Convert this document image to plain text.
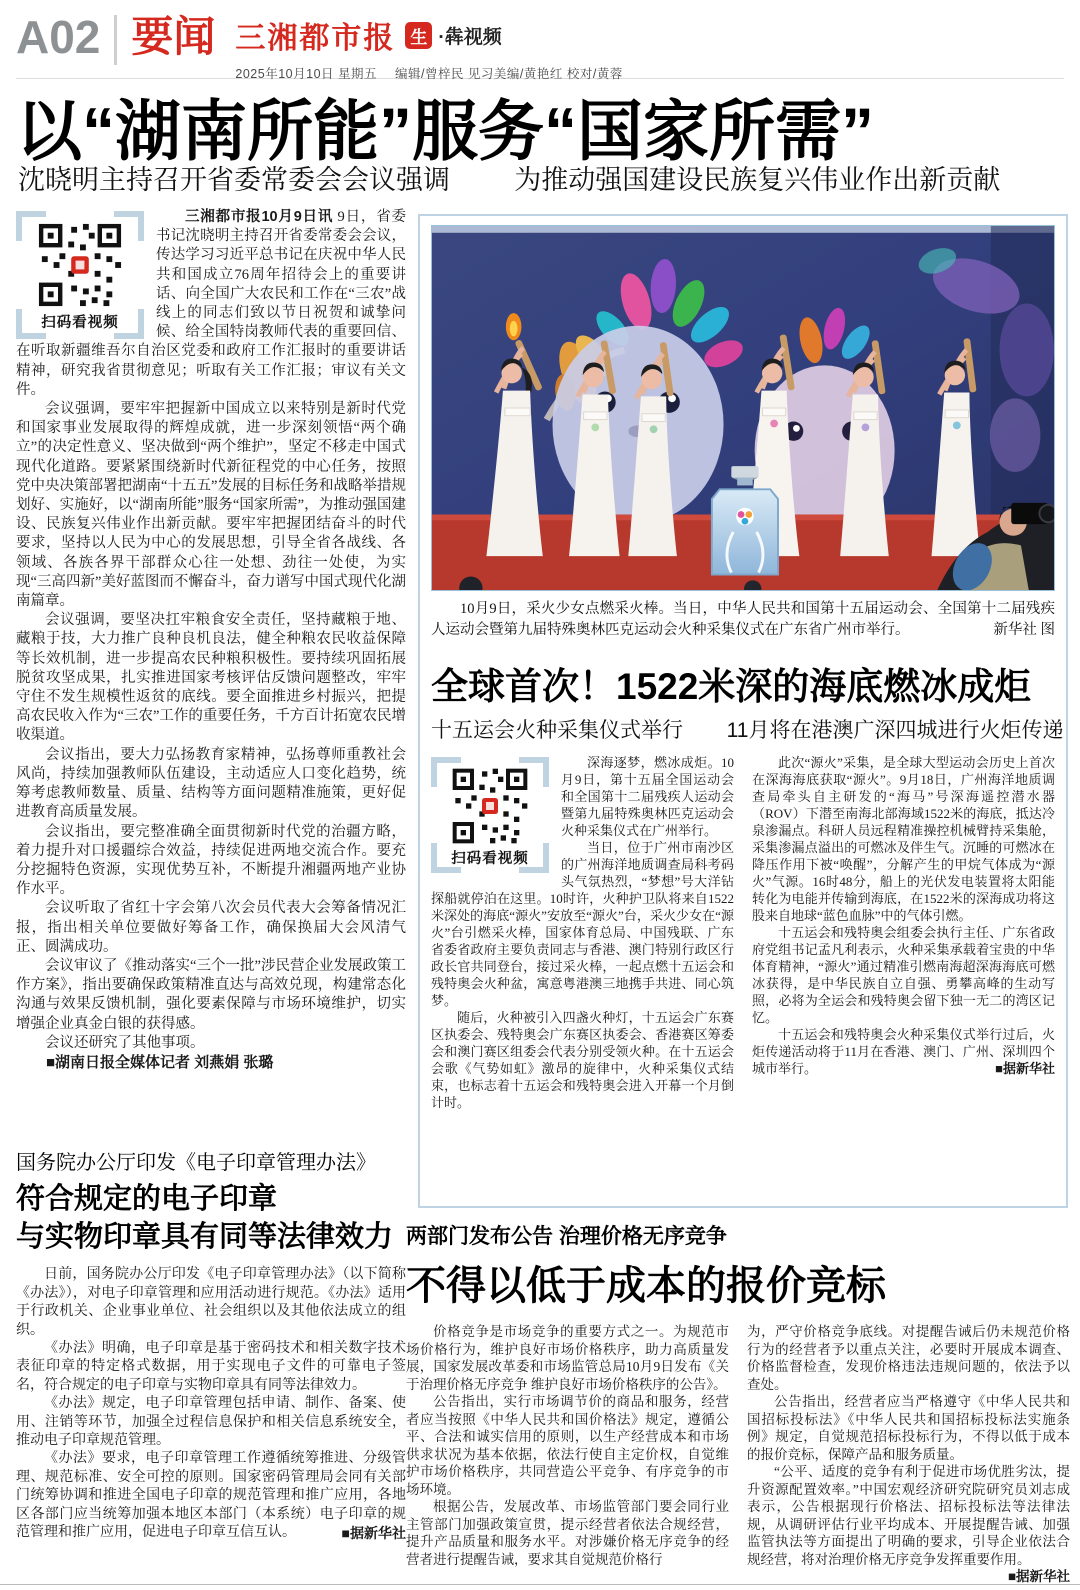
A02 要闻 三湘都市报 生 ·犇视频
2025年10月10日 星期五 编辑/曾梓民 见习美编/黄艳红 校对/黄蓉
以“湖南所能”服务“国家所需”
沈晓明主持召开省委常委会会议强调 为推动强国建设民族复兴伟业作出新贡献
扫码看视频

三湘都市报10月9日讯 9日，省委书记沈晓明主持召开省委常委会会议，传达学习习近平总书记在庆祝中华人民共和国成立76周年招待会上的重要讲话、向全国广大农民和工作在“三农”战线上的同志们致以节日祝贺和诚挚问候、给全国特岗教师代表的重要回信、在听取新疆维吾尔自治区党委和政府工作汇报时的重要讲话精神，研究我省贯彻意见；听取有关工作汇报；审议有关文件。

会议强调，要牢牢把握新中国成立以来特别是新时代党和国家事业发展取得的辉煌成就，进一步深刻领悟“两个确立”的决定性意义、坚决做到“两个维护”，坚定不移走中国式现代化道路。要紧紧围绕新时代新征程党的中心任务，按照党中央决策部署把湖南“十五五”发展的目标任务和战略举措规划好、实施好，以“湖南所能”服务“国家所需”，为推动强国建设、民族复兴伟业作出新贡献。要牢牢把握团结奋斗的时代要求，坚持以人民为中心的发展思想，引导全省各战线、各领域、各族各界干部群众心往一处想、劲往一处使，为实现“三高四新”美好蓝图而不懈奋斗，奋力谱写中国式现代化湖南篇章。

会议强调，要坚决扛牢粮食安全责任，坚持藏粮于地、藏粮于技，大力推广良种良机良法，健全种粮农民收益保障等长效机制，进一步提高农民种粮积极性。要持续巩固拓展脱贫攻坚成果，扎实推进国家考核评估反馈问题整改，牢牢守住不发生规模性返贫的底线。要全面推进乡村振兴，把提高农民收入作为“三农”工作的重要任务，千方百计拓宽农民增收渠道。

会议指出，要大力弘扬教育家精神，弘扬尊师重教社会风尚，持续加强教师队伍建设，主动适应人口变化趋势，统筹考虑教师数量、质量、结构等方面问题精准施策，更好促进教育高质量发展。

会议指出，要完整准确全面贯彻新时代党的治疆方略，着力提升对口援疆综合效益，持续促进两地交流合作。要充分挖掘特色资源，实现优势互补，不断提升湘疆两地产业协作水平。

会议听取了省红十字会第八次会员代表大会筹备情况汇报，指出相关单位要做好筹备工作，确保换届大会风清气正、圆满成功。

会议审议了《推动落实“三个一批”涉民营企业发展政策工作方案》，指出要确保政策精准直达与高效兑现，构建常态化沟通与效果反馈机制，强化要素保障与市场环境维护，切实增强企业真金白银的获得感。

会议还研究了其他事项。

■湖南日报全媒体记者 刘燕娟 张璐

国务院办公厅印发《电子印章管理办法》

符合规定的电子印章
与实物印章具有同等法律效力

日前，国务院办公厅印发《电子印章管理办法》（以下简称《办法》），对电子印章管理和应用活动进行规范。《办法》适用于行政机关、企业事业单位、社会组织以及其他依法成立的组织。

《办法》明确，电子印章是基于密码技术和相关数字技术表征印章的特定格式数据，用于实现电子文件的可靠电子签名，符合规定的电子印章与实物印章具有同等法律效力。

《办法》规定，电子印章管理包括申请、制作、备案、使用、注销等环节，加强全过程信息保护和相关信息系统安全，推动电子印章规范管理。

《办法》要求，电子印章管理工作遵循统筹推进、分级管理、规范标准、安全可控的原则。国家密码管理局会同有关部门统筹协调和推进全国电子印章的规范管理和推广应用，各地区各部门应当统筹加强本地区本部门（本系统）电子印章的规范管理和推广应用，促进电子印章互信互认。	■据新华社

10月9日，采火少女点燃采火棒。当日，中华人民共和国第十五届运动会、全国第十二届残疾人运动会暨第九届特殊奥林匹克运动会火种采集仪式在广东省广州市举行。	新华社 图

全球首次！1522米深的海底燃冰成炬
十五运会火种采集仪式举行 11月将在港澳广深四城进行火炬传递
扫码看视频

深海逐梦，燃冰成炬。10月9日，第十五届全国运动会和全国第十二届残疾人运动会暨第九届特殊奥林匹克运动会火种采集仪式在广州举行。

当日，位于广州市南沙区的广州海洋地质调查局科考码头气氛热烈，“梦想”号大洋钻探船就停泊在这里。10时许，火种护卫队将来自1522米深处的海底“源火”安放至“源火”台，采火少女在“源火”台引燃采火棒，国家体育总局、中国残联、广东省委省政府主要负责同志与香港、澳门特别行政区行政长官共同登台，接过采火棒，一起点燃十五运会和残特奥会火种盆，寓意粤港澳三地携手共进、同心筑梦。

随后，火种被引入四盏火种灯，十五运会广东赛区执委会、残特奥会广东赛区执委会、香港赛区筹委会和澳门赛区组委会代表分别受领火种。在十五运会会歌《气势如虹》激昂的旋律中，火种采集仪式结束，也标志着十五运会和残特奥会进入开幕一个月倒计时。

此次“源火”采集，是全球大型运动会历史上首次在深海海底获取“源火”。9月18日，广州海洋地质调查局牵头自主研发的“海马”号深海遥控潜水器（ROV）下潜至南海北部海域1522米的海底，抵达冷泉渗漏点。科研人员远程精准操控机械臂持采集舱，采集渗漏点溢出的可燃冰及伴生气。沉睡的可燃冰在降压作用下被“唤醒”，分解产生的甲烷气体成为“源火”气源。16时48分，船上的光伏发电装置将太阳能转化为电能并传输到海底，在1522米的深海成功将这股来自地球“蓝色血脉”中的气体引燃。

十五运会和残特奥会组委会执行主任、广东省政府党组书记孟凡利表示，火种采集承载着宝贵的中华体育精神，“源火”通过精准引燃南海超深海海底可燃冰获得，是中华民族自立自强、勇攀高峰的生动写照，必将为全运会和残特奥会留下独一无二的湾区记忆。

十五运会和残特奥会火种采集仪式举行过后，火炬传递活动将于11月在香港、澳门、广州、深圳四个城市举行。	■据新华社

两部门发布公告 治理价格无序竞争

不得以低于成本的报价竞标

价格竞争是市场竞争的重要方式之一。为规范市场价格行为，维护良好市场价格秩序，助力高质量发展，国家发展改革委和市场监管总局10月9日发布《关于治理价格无序竞争 维护良好市场价格秩序的公告》。

公告指出，实行市场调节价的商品和服务，经营者应当按照《中华人民共和国价格法》规定，遵循公平、合法和诚实信用的原则，以生产经营成本和市场供求状况为基本依据，依法行使自主定价权，自觉维护市场价格秩序，共同营造公平竞争、有序竞争的市场环境。

根据公告，发展改革、市场监管部门要会同行业主管部门加强政策宣贯，提示经营者依法合规经营，提升产品质量和服务水平。对涉嫌价格无序竞争的经营者进行提醒告诫，要求其自觉规范价格行

为，严守价格竞争底线。对提醒告诫后仍未规范价格行为的经营者予以重点关注，必要时开展成本调查、价格监督检查，发现价格违法违规问题的，依法予以查处。

公告指出，经营者应当严格遵守《中华人民共和国招标投标法》《中华人民共和国招标投标法实施条例》规定，自觉规范招标投标行为，不得以低于成本的报价竞标，保障产品和服务质量。

“公平、适度的竞争有利于促进市场优胜劣汰，提升资源配置效率。”中国宏观经济研究院研究员刘志成表示，公告根据现行价格法、招标投标法等法律法规，从调研评估行业平均成本、开展提醒告诫、加强监管执法等方面提出了明确的要求，引导企业依法合规经营，将对治理价格无序竞争发挥重要作用。
■据新华社
